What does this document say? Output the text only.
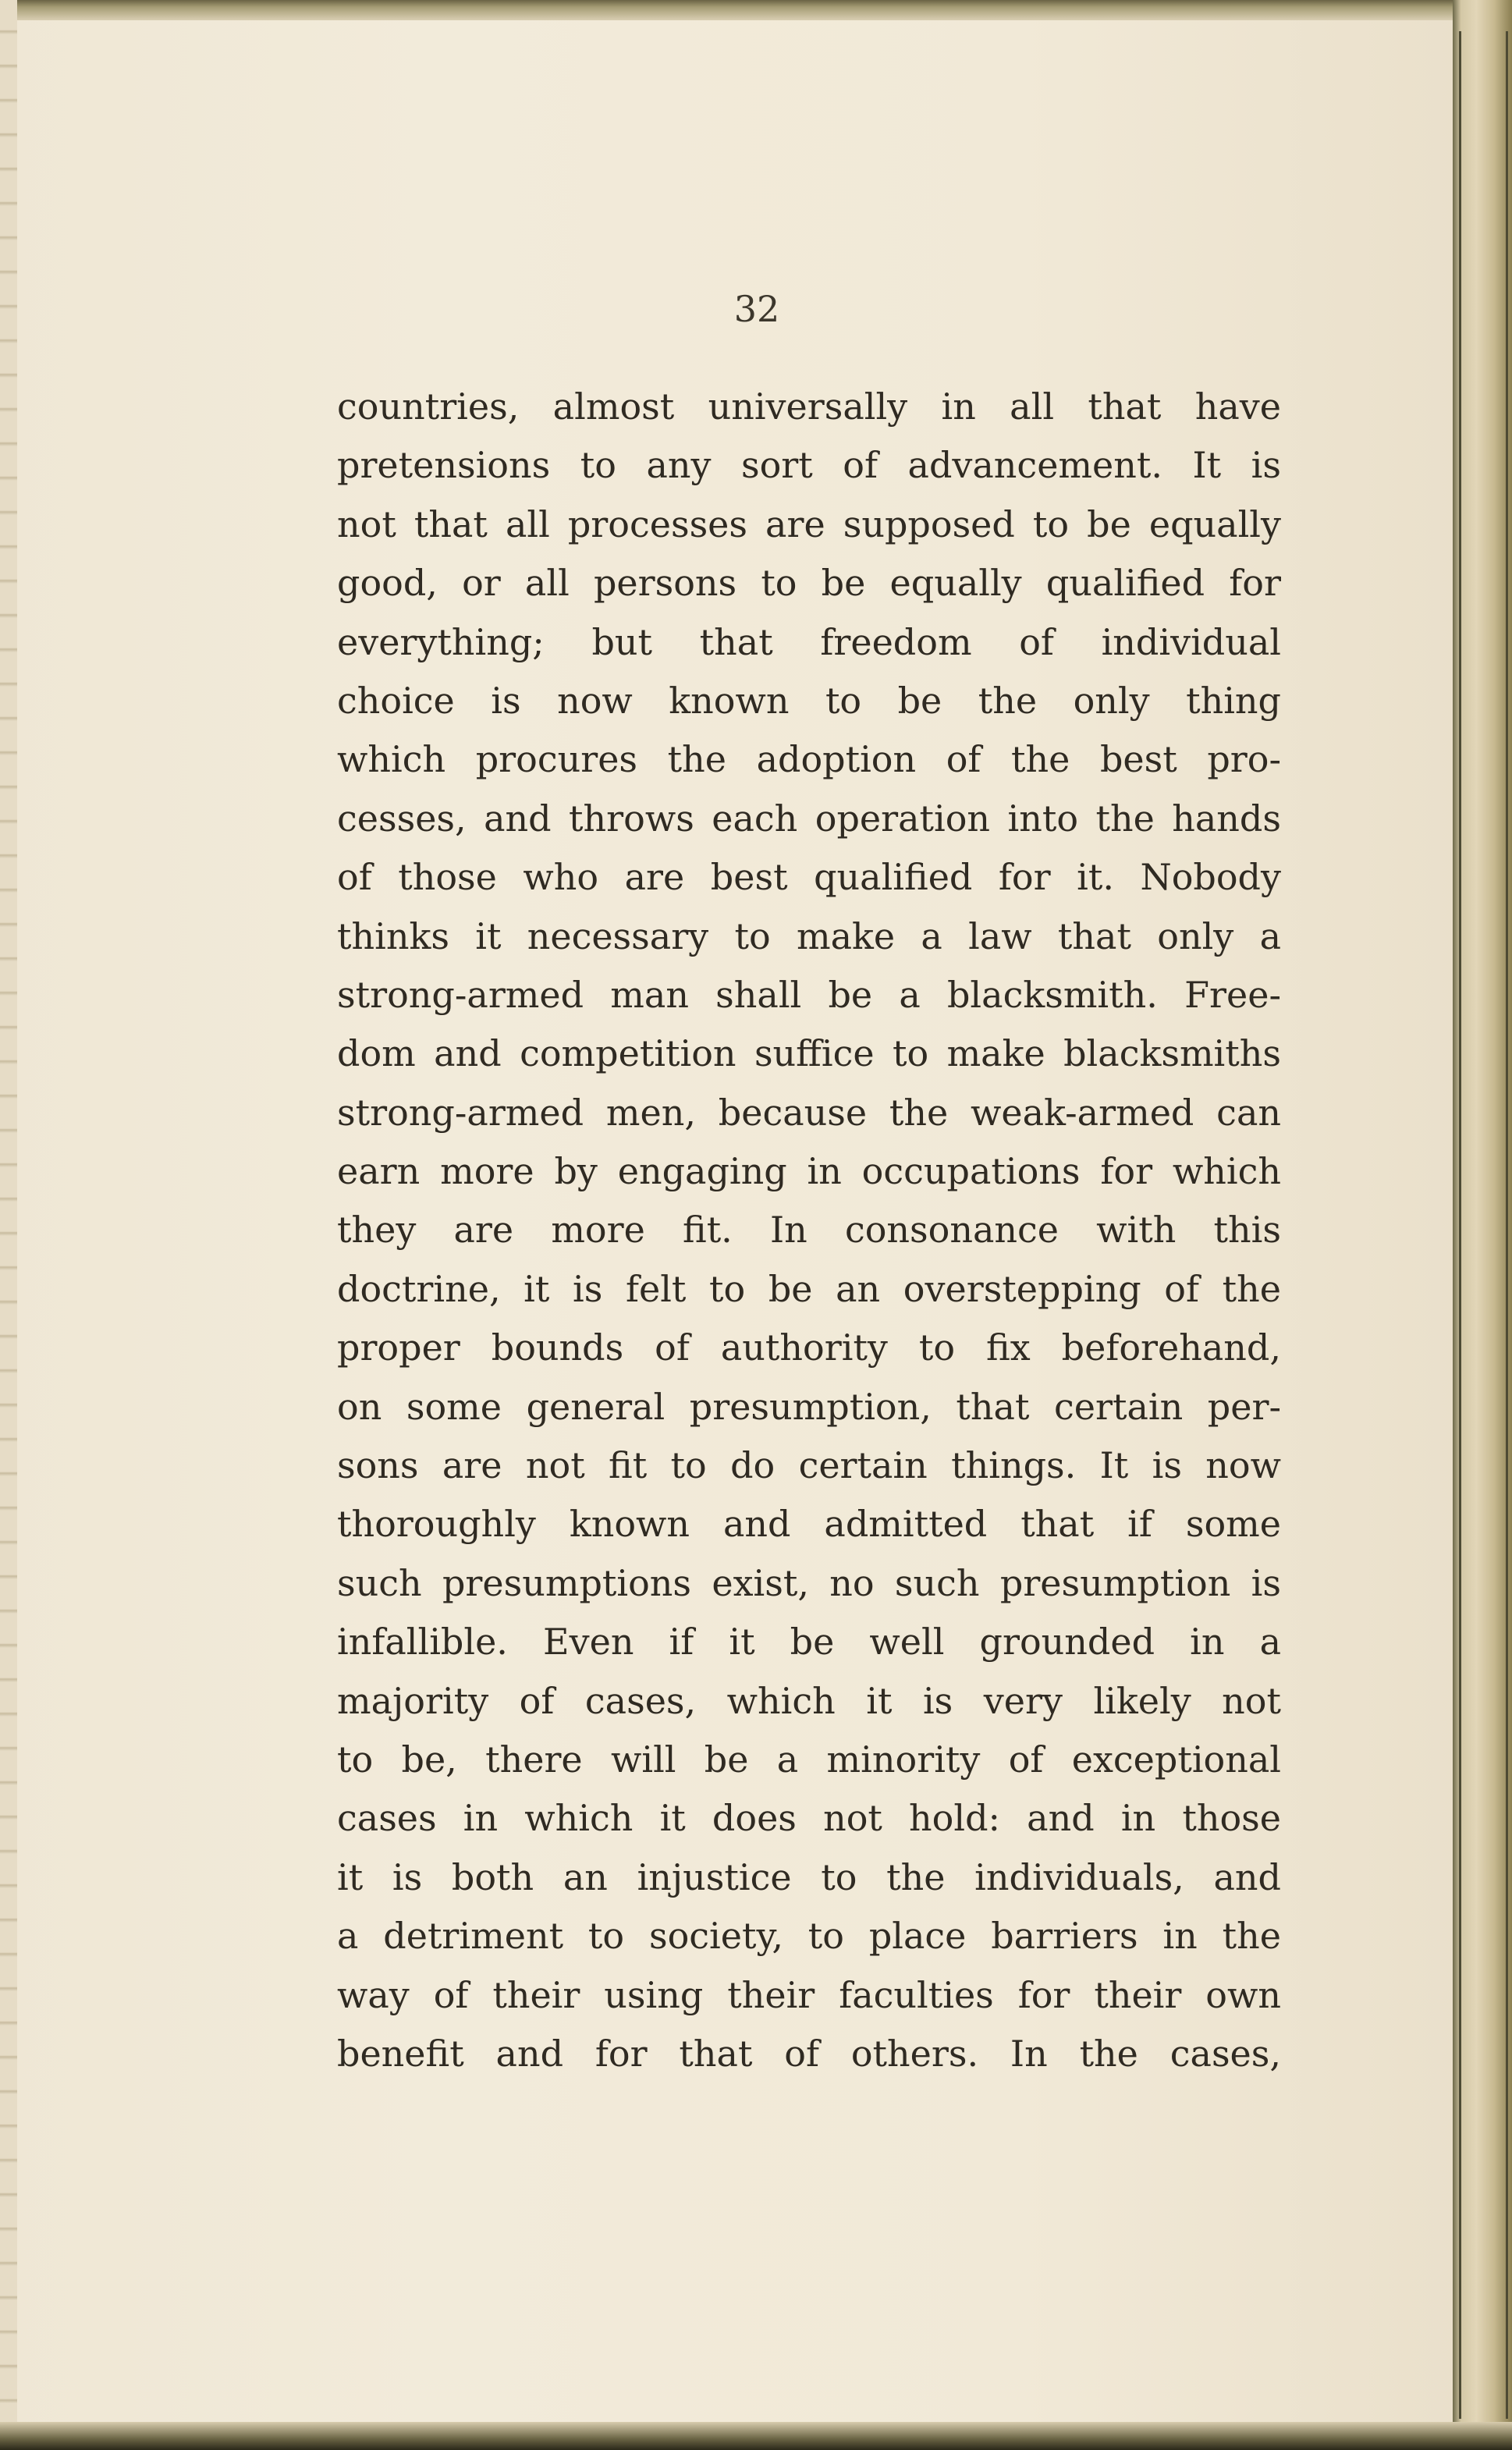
32
countries, almost universally in all that have
pretensions to any sort of advancement. It is
not that all processes are supposed to be equally
good, or all persons to be equally qualified for
everything; but that freedom of individual
choice is now known to be the only thing
which procures the adoption of the best pro-
cesses, and throws each operation into the hands
of those who are best qualified for it. Nobody
thinks it necessary to make a law that only a
strong-armed man shall be a blacksmith. Free-
dom and competition suffice to make blacksmiths
strong-armed men, because the weak-armed can
earn more by engaging in occupations for which
they are more fit. In consonance with this
doctrine, it is felt to be an overstepping of the
proper bounds of authority to fix beforehand,
on some general presumption, that certain per-
sons are not fit to do certain things. It is now
thoroughly known and admitted that if some
such presumptions exist, no such presumption is
infallible. Even if it be well grounded in a
majority of cases, which it is very likely not
to be, there will be a minority of exceptional
cases in which it does not hold: and in those
it is both an injustice to the individuals, and
a detriment to society, to place barriers in the
way of their using their faculties for their own
benefit and for that of others. In the cases,
